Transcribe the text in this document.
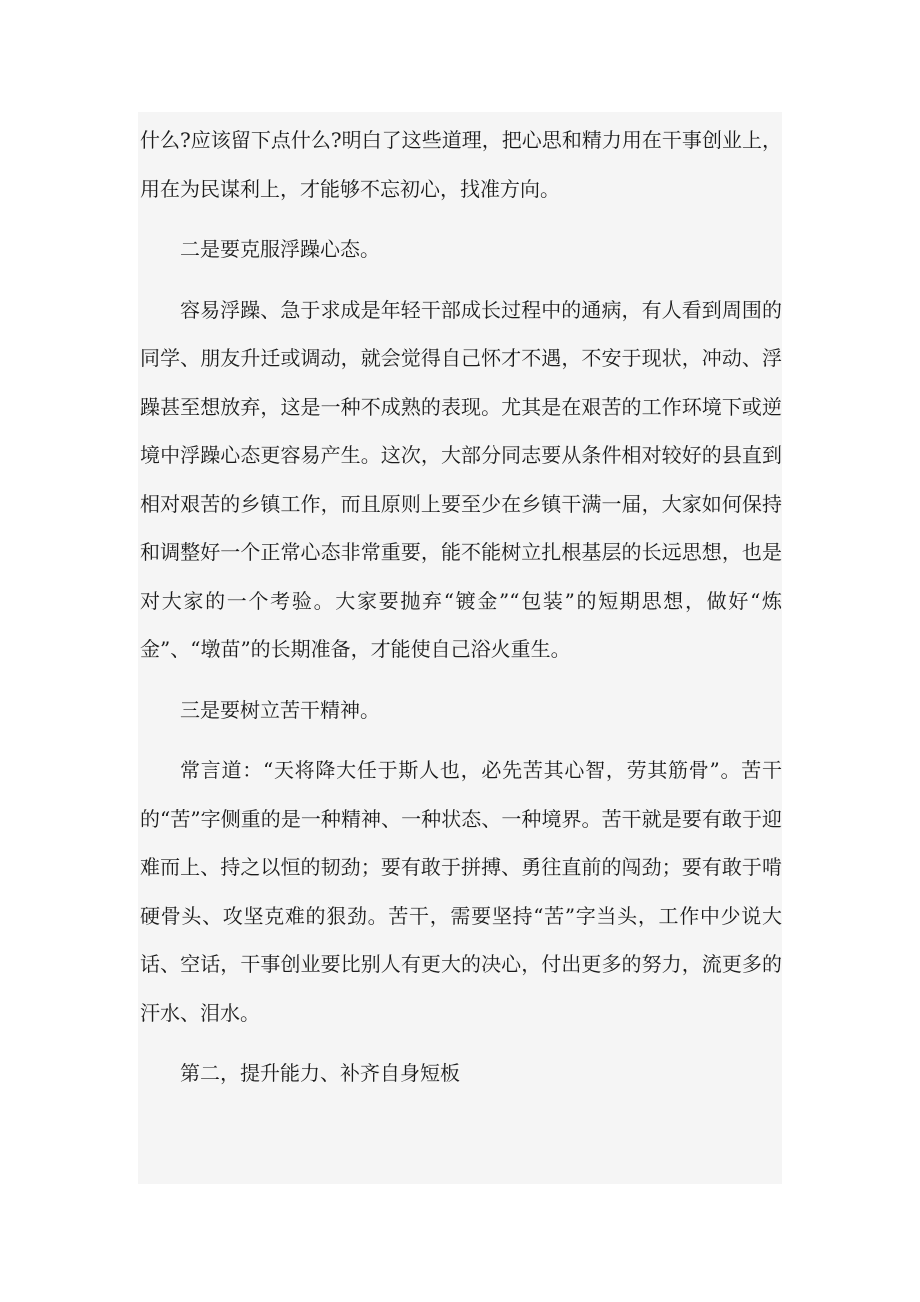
什么?应该留下点什么?明白了这些道理，把心思和精力用在干事创业上，用在为民谋利上，才能够不忘初心，找准方向。

二是要克服浮躁心态。

容易浮躁、急于求成是年轻干部成长过程中的通病，有人看到周围的同学、朋友升迁或调动，就会觉得自己怀才不遇，不安于现状，冲动、浮躁甚至想放弃，这是一种不成熟的表现。尤其是在艰苦的工作环境下或逆境中浮躁心态更容易产生。这次，大部分同志要从条件相对较好的县直到相对艰苦的乡镇工作，而且原则上要至少在乡镇干满一届，大家如何保持和调整好一个正常心态非常重要，能不能树立扎根基层的长远思想，也是对大家的一个考验。大家要抛弃“镀金”“包装”的短期思想，做好“炼金”、“墩苗”的长期准备，才能使自己浴火重生。

三是要树立苦干精神。

常言道：“天将降大任于斯人也，必先苦其心智，劳其筋骨”。苦干的“苦”字侧重的是一种精神、一种状态、一种境界。苦干就是要有敢于迎难而上、持之以恒的韧劲；要有敢于拼搏、勇往直前的闯劲；要有敢于啃硬骨头、攻坚克难的狠劲。苦干，需要坚持“苦”字当头，工作中少说大话、空话，干事创业要比别人有更大的决心，付出更多的努力，流更多的汗水、泪水。

第二，提升能力、补齐自身短板
